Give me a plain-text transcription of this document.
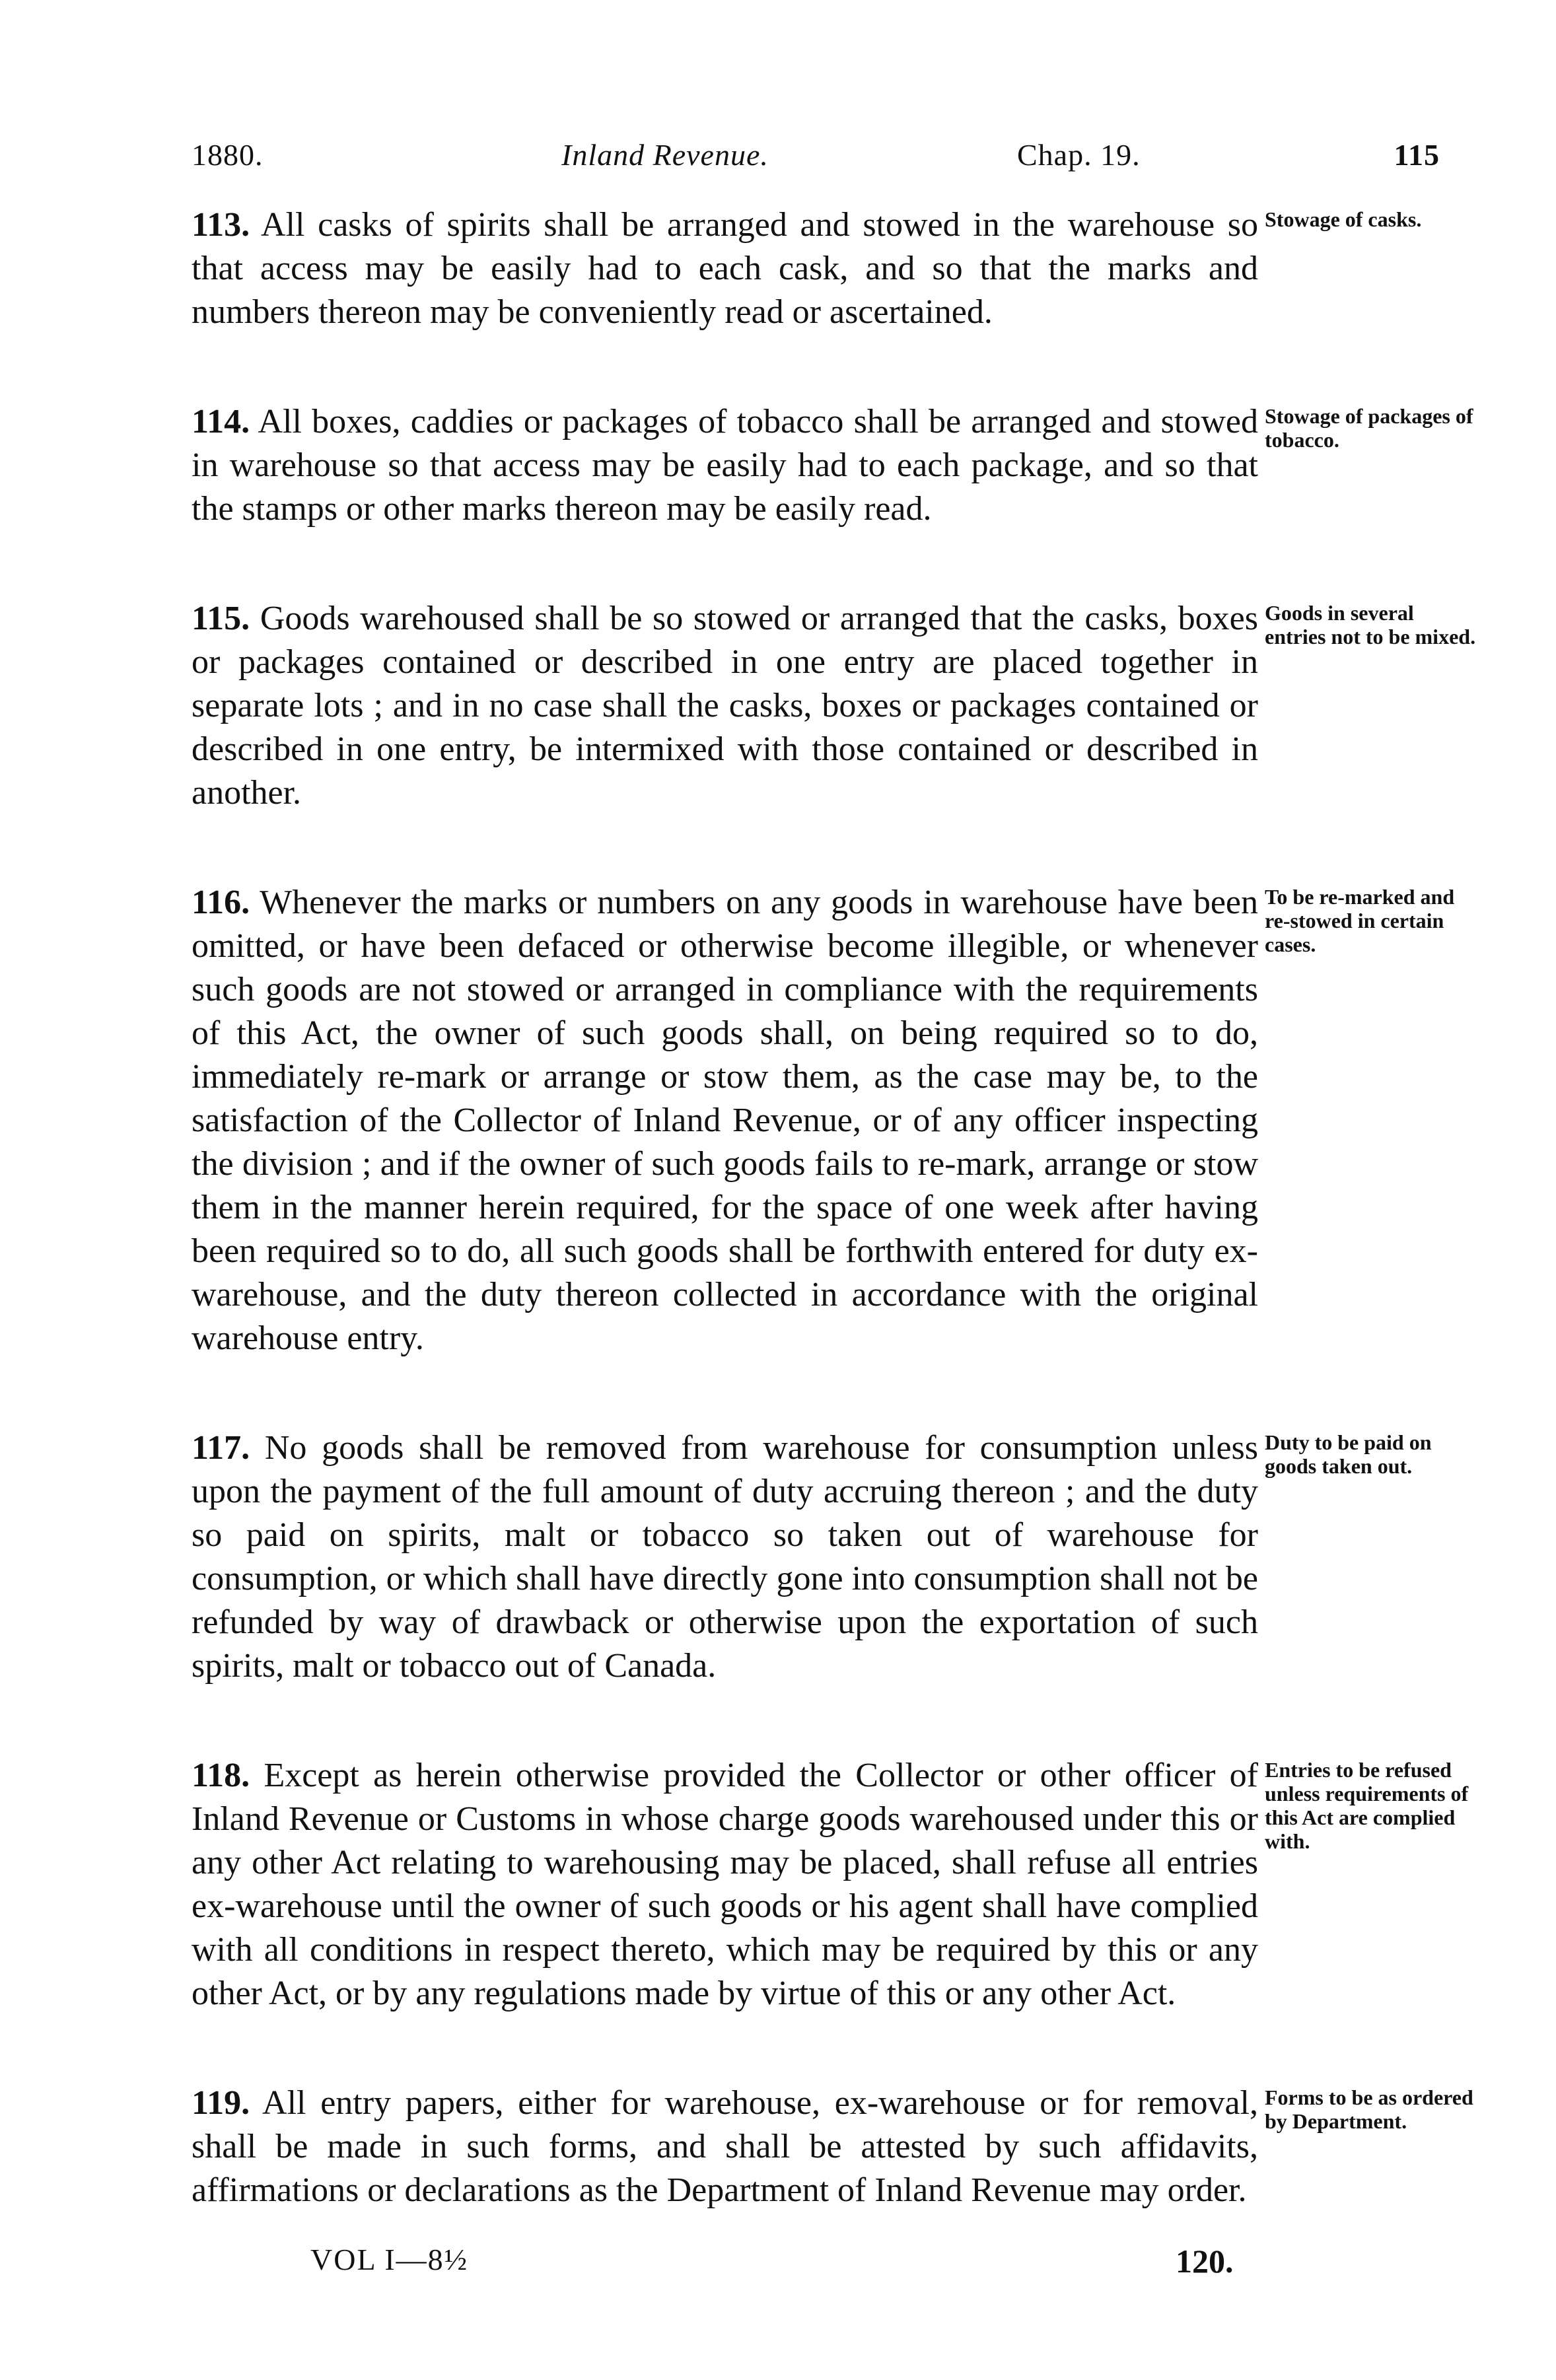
1880.	Inland Revenue.	Chap. 19.	115

113. All casks of spirits shall be arranged and stowed in the warehouse so that access may be easily had to each cask, and so that the marks and numbers thereon may be conveniently read or ascertained.

Stowage of casks.

114. All boxes, caddies or packages of tobacco shall be arranged and stowed in warehouse so that access may be easily had to each package, and so that the stamps or other marks thereon may be easily read.

Stowage of packages of tobacco.

115. Goods warehoused shall be so stowed or arranged that the casks, boxes or packages contained or described in one entry are placed together in separate lots ; and in no case shall the casks, boxes or packages contained or described in one entry, be intermixed with those contained or described in another.

Goods in several entries not to be mixed.

116. Whenever the marks or numbers on any goods in warehouse have been omitted, or have been defaced or otherwise become illegible, or whenever such goods are not stowed or arranged in compliance with the requirements of this Act, the owner of such goods shall, on being required so to do, immediately re-mark or arrange or stow them, as the case may be, to the satisfaction of the Collector of Inland Revenue, or of any officer inspecting the division ; and if the owner of such goods fails to re-mark, arrange or stow them in the manner herein required, for the space of one week after having been required so to do, all such goods shall be forthwith entered for duty ex-warehouse, and the duty thereon collected in accordance with the original warehouse entry.

To be re-marked and re-stowed in certain cases.

117. No goods shall be removed from warehouse for consumption unless upon the payment of the full amount of duty accruing thereon ; and the duty so paid on spirits, malt or tobacco so taken out of warehouse for consumption, or which shall have directly gone into consumption shall not be refunded by way of drawback or otherwise upon the exportation of such spirits, malt or tobacco out of Canada.

Duty to be paid on goods taken out.

118. Except as herein otherwise provided the Collector or other officer of Inland Revenue or Customs in whose charge goods warehoused under this or any other Act relating to warehousing may be placed, shall refuse all entries ex-warehouse until the owner of such goods or his agent shall have complied with all conditions in respect thereto, which may be required by this or any other Act, or by any regulations made by virtue of this or any other Act.

Entries to be refused unless requirements of this Act are complied with.

119. All entry papers, either for warehouse, ex-warehouse or for removal, shall be made in such forms, and shall be attested by such affidavits, affirmations or declarations as the Department of Inland Revenue may order.

Forms to be as ordered by Department.
VOL I—8½	120.
